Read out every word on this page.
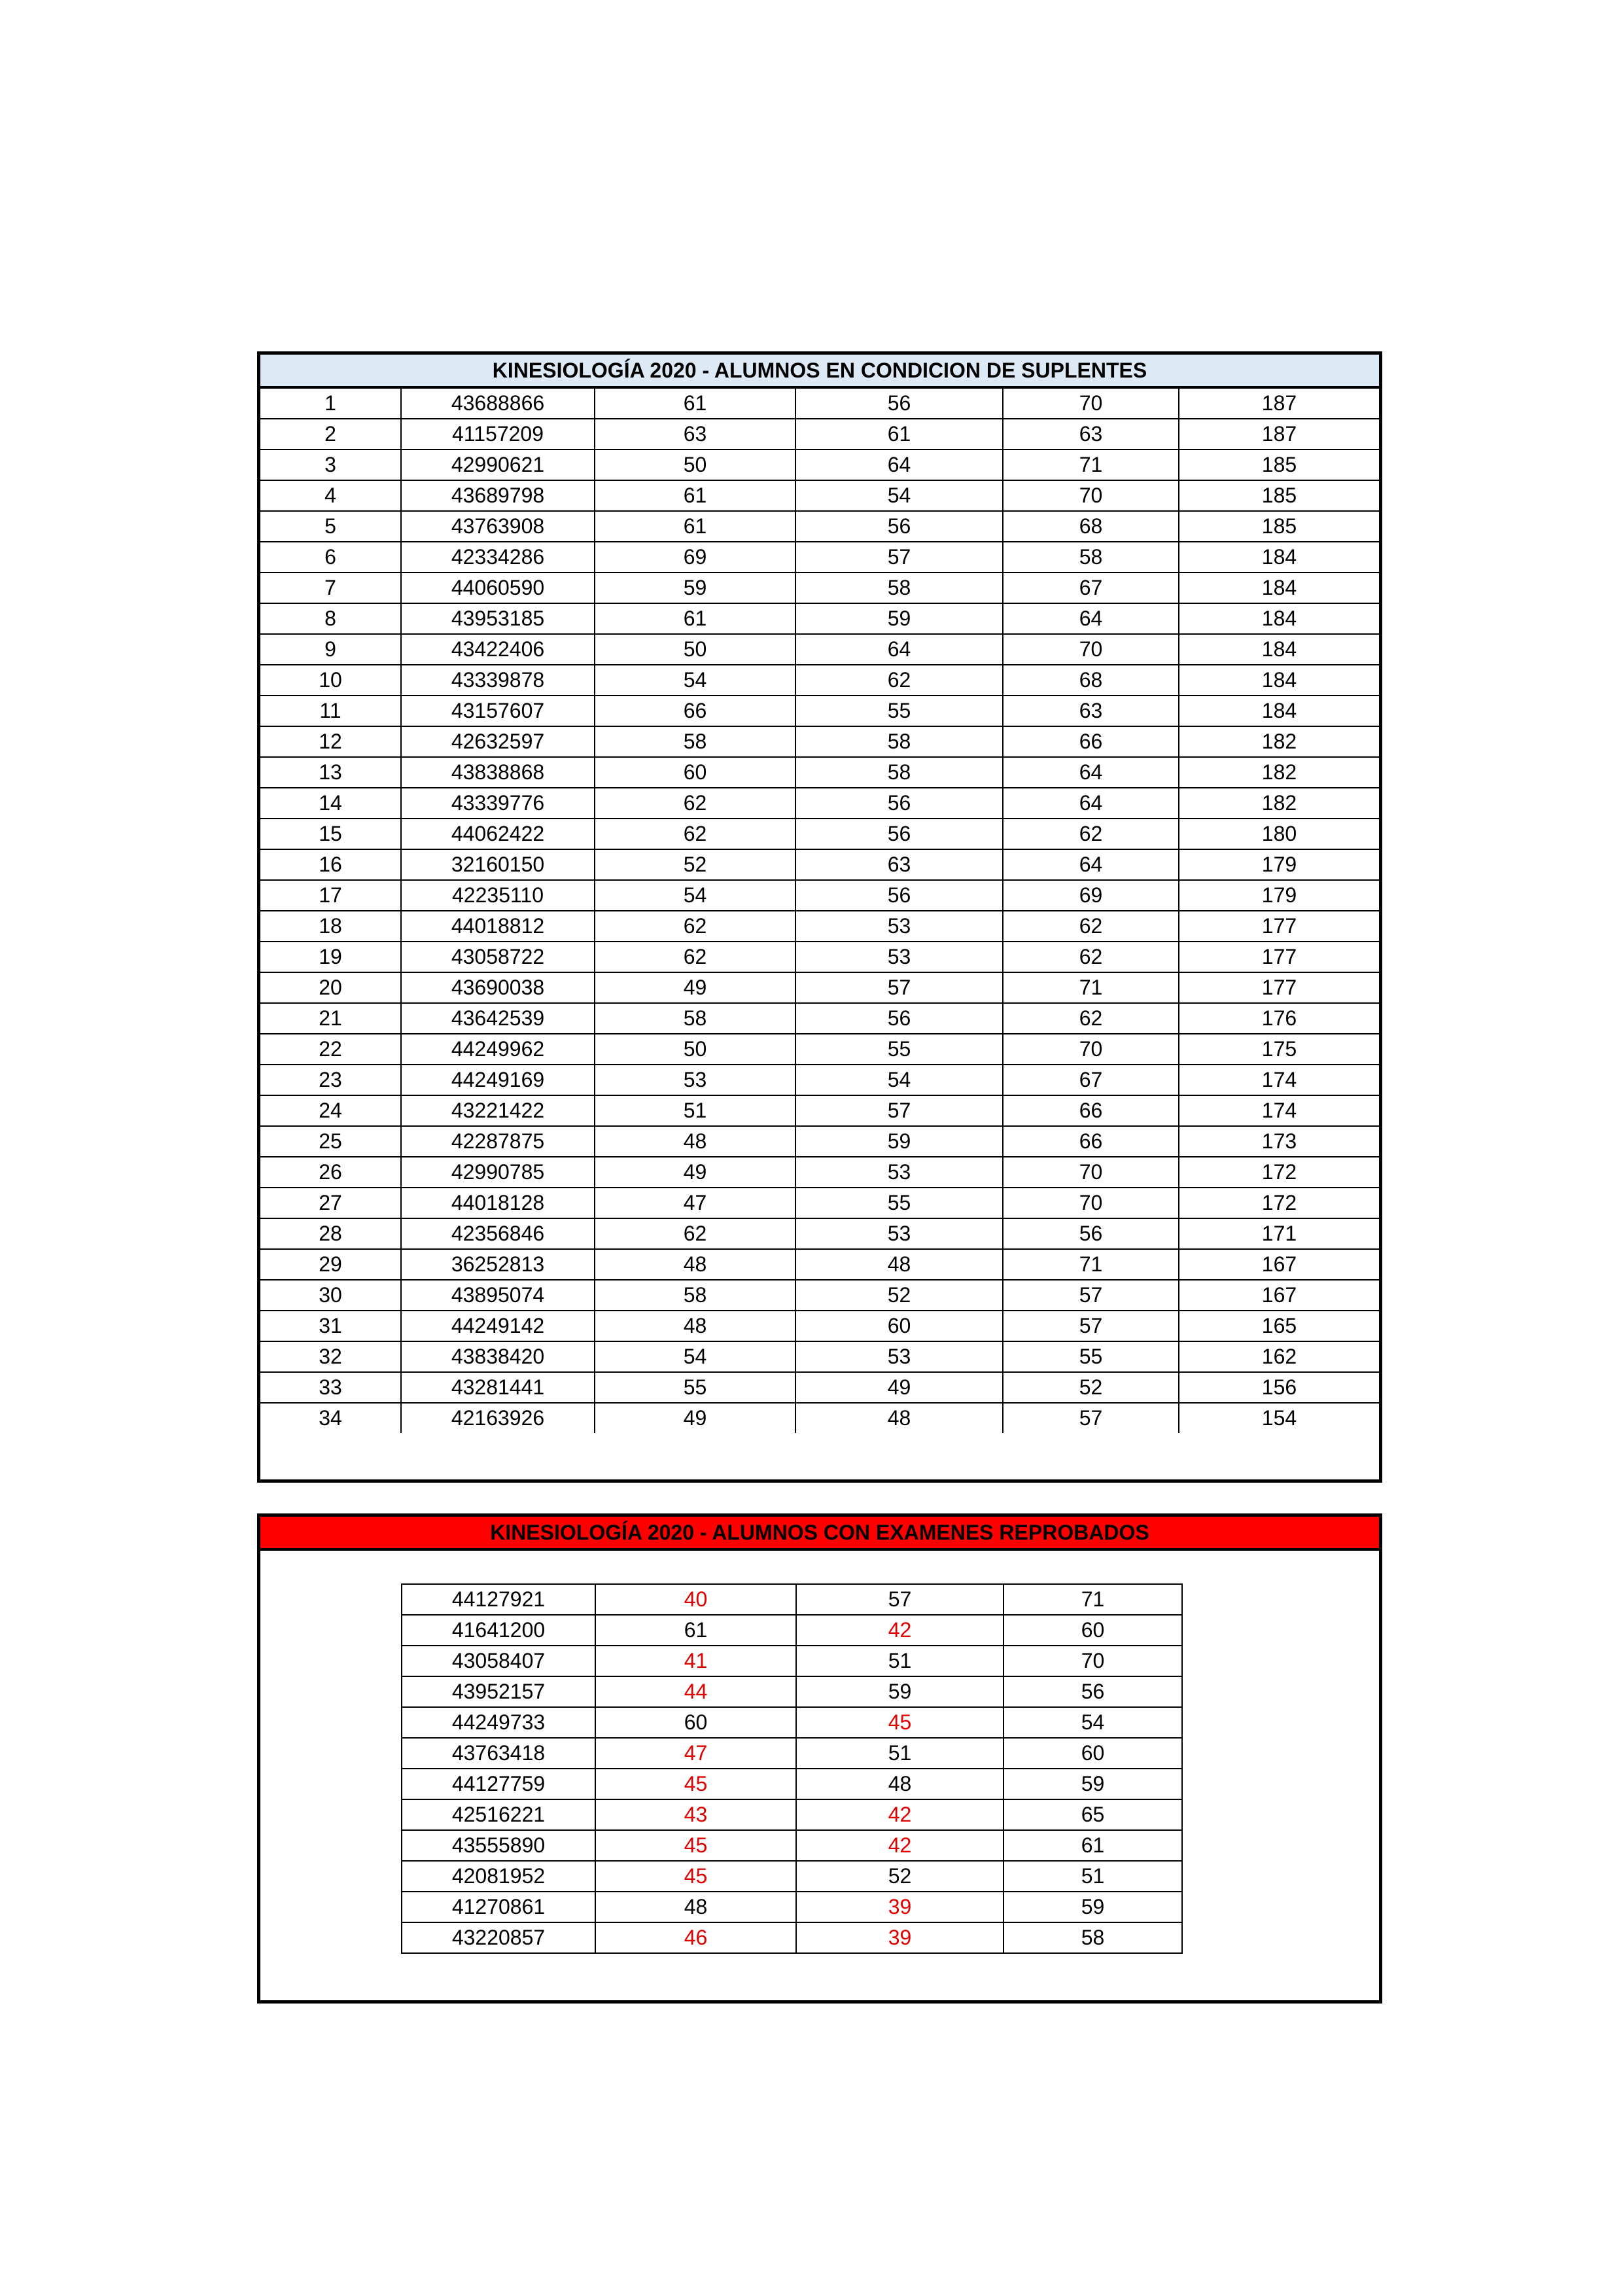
KINESIOLOGÍA 2020 - ALUMNOS EN CONDICION DE SUPLENTES
1	43688866	61	56	70	187
2	41157209	63	61	63	187
3	42990621	50	64	71	185
4	43689798	61	54	70	185
5	43763908	61	56	68	185
6	42334286	69	57	58	184
7	44060590	59	58	67	184
8	43953185	61	59	64	184
9	43422406	50	64	70	184
10	43339878	54	62	68	184
11	43157607	66	55	63	184
12	42632597	58	58	66	182
13	43838868	60	58	64	182
14	43339776	62	56	64	182
15	44062422	62	56	62	180
16	32160150	52	63	64	179
17	42235110	54	56	69	179
18	44018812	62	53	62	177
19	43058722	62	53	62	177
20	43690038	49	57	71	177
21	43642539	58	56	62	176
22	44249962	50	55	70	175
23	44249169	53	54	67	174
24	43221422	51	57	66	174
25	42287875	48	59	66	173
26	42990785	49	53	70	172
27	44018128	47	55	70	172
28	42356846	62	53	56	171
29	36252813	48	48	71	167
30	43895074	58	52	57	167
31	44249142	48	60	57	165
32	43838420	54	53	55	162
33	43281441	55	49	52	156
34	42163926	49	48	57	154
KINESIOLOGÍA 2020 - ALUMNOS CON EXAMENES REPROBADOS
44127921	40	57	71
41641200	61	42	60
43058407	41	51	70
43952157	44	59	56
44249733	60	45	54
43763418	47	51	60
44127759	45	48	59
42516221	43	42	65
43555890	45	42	61
42081952	45	52	51
41270861	48	39	59
43220857	46	39	58
